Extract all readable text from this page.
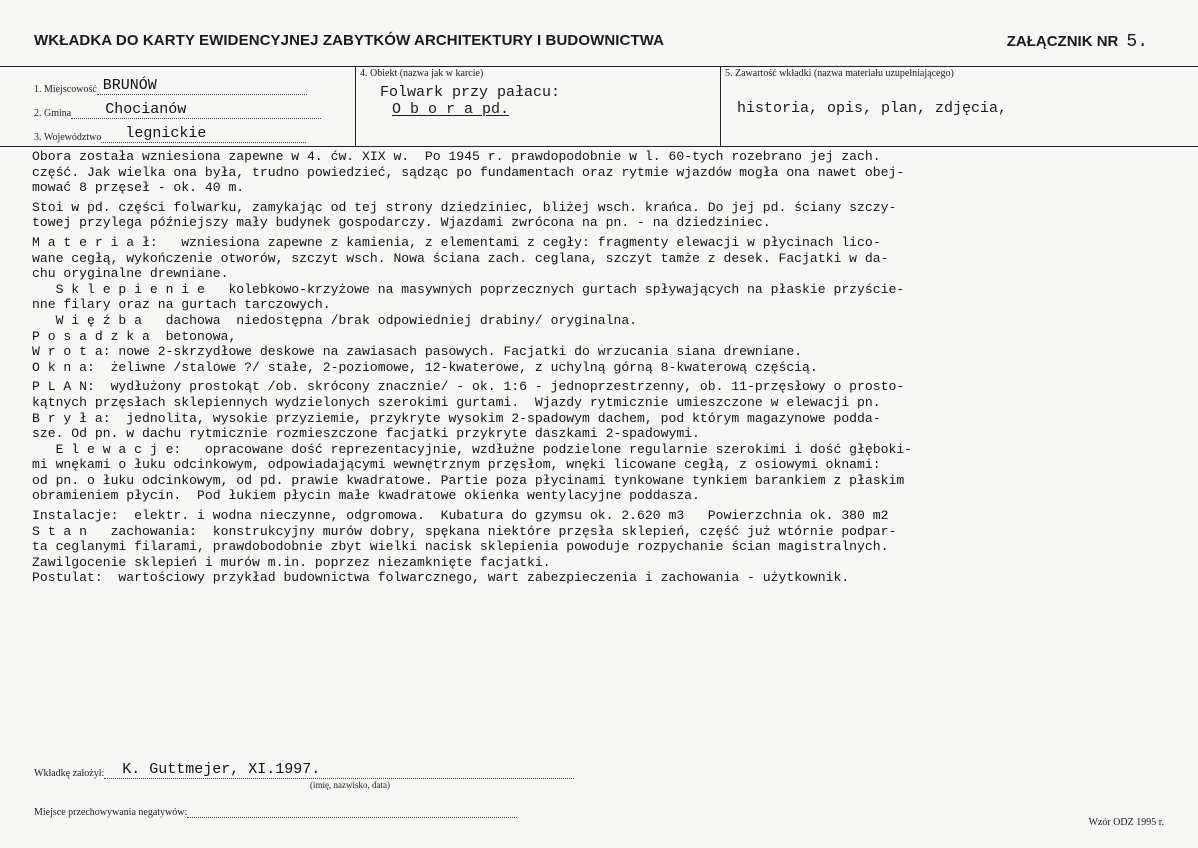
WKŁADKA DO KARTY EWIDENCYJNEJ ZABYTKÓW ARCHITEKTURY I BUDOWNICTWA	ZAŁĄCZNIK NR 5.
1. Miejscowość BRUNÓW
2. Gmina Chocianów
3. Województwo legnickie
4. Obiekt (nazwa jak w karcie)
Folwark przy pałacu:
O b o r a pd.
5. Zawartość wkładki (nazwa materiału uzupełniającego)
historia, opis, plan, zdjęcia,

Obora została wzniesiona zapewne w 4. ćw. XIX w.  Po 1945 r. prawdopodobnie w l. 60-tych rozebrano jej zach.

część. Jak wielka ona była, trudno powiedzieć, sądząc po fundamentach oraz rytmie wjazdów mogła ona nawet obej-

mować 8 przęseł - ok. 40 m.

Stoi w pd. części folwarku, zamykając od tej strony dziedziniec, bliżej wsch. krańca. Do jej pd. ściany szczy-

towej przylega późniejszy mały budynek gospodarczy. Wjazdami zwrócona na pn. - na dziedziniec.

M a t e r i a ł:   wzniesiona zapewne z kamienia, z elementami z cegły: fragmenty elewacji w płycinach lico-

wane cegłą, wykończenie otworów, szczyt wsch. Nowa ściana zach. ceglana, szczyt tamże z desek. Facjatki w da-

chu oryginalne drewniane.

S k l e p i e n i e   kolebkowo-krzyżowe na masywnych poprzecznych gurtach spływających na płaskie przyście-

nne filary oraz na gurtach tarczowych.

W i ę ź b a   dachowa  niedostępna /brak odpowiedniej drabiny/ oryginalna.

P o s a d z k a  betonowa,

W r o t a: nowe 2-skrzydłowe deskowe na zawiasach pasowych. Facjatki do wrzucania siana drewniane.

O k n a:  żeliwne /stalowe ?/ stałe, 2-poziomowe, 12-kwaterowe, z uchylną górną 8-kwaterową częścią.

P L A N:  wydłużony prostokąt /ob. skrócony znacznie/ - ok. 1:6 - jednoprzestrzenny, ob. 11-przęsłowy o prosto-

kątnych przęsłach sklepiennych wydzielonych szerokimi gurtami.  Wjazdy rytmicznie umieszczone w elewacji pn.

B r y ł a:  jednolita, wysokie przyziemie, przykryte wysokim 2-spadowym dachem, pod którym magazynowe podda-

sze. Od pn. w dachu rytmicznie rozmieszczone facjatki przykryte daszkami 2-spadowymi.

E l e w a c j e:   opracowane dość reprezentacyjnie, wzdłużne podzielone regularnie szerokimi i dość głęboki-

mi wnękami o łuku odcinkowym, odpowiadającymi wewnętrznym przęsłom, wnęki licowane cegłą, z osiowymi oknami:

od pn. o łuku odcinkowym, od pd. prawie kwadratowe. Partie poza płycinami tynkowane tynkiem barankiem z płaskim

obramieniem płycin.  Pod łukiem płycin małe kwadratowe okienka wentylacyjne poddasza.

Instalacje:  elektr. i wodna nieczynne, odgromowa.  Kubatura do gzymsu ok. 2.620 m3   Powierzchnia ok. 380 m2

S t a n   zachowania:  konstrukcyjny murów dobry, spękana niektóre przęsła sklepień, część już wtórnie podpar-

ta ceglanymi filarami, prawdobodobnie zbyt wielki nacisk sklepienia powoduje rozpychanie ścian magistralnych.

Zawilgocenie sklepień i murów m.in. poprzez niezamknięte facjatki.

Postulat:  wartościowy przykład budownictwa folwarcznego, wart zabezpieczenia i zachowania - użytkownik.

Wkładkę założył: K. Guttmejer, XI.1997.
(imię, nazwisko, data)
Miejsce przechowywania negatywów:
Wzór ODZ 1995 r.
